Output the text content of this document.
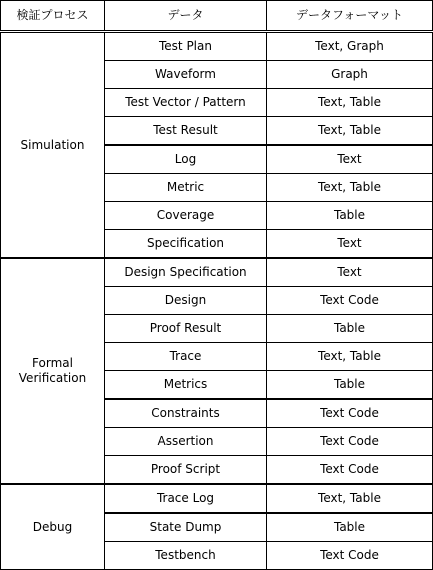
検証プロセス	データ	データフォーマット
Simulation	Test Plan	Text, Graph
	Waveform	Graph
	Test Vector / Pattern	Text, Table
	Test Result	Text, Table
	Log	Text
	Metric	Text, Table
	Coverage	Table
	Specification	Text
Formal Verification	Design Specification	Text
	Design	Text Code
	Proof Result	Table
	Trace	Text, Table
	Metrics	Table
	Constraints	Text Code
	Assertion	Text Code
	Proof Script	Text Code
Debug	Trace Log	Text, Table
	State Dump	Table
	Testbench	Text Code
